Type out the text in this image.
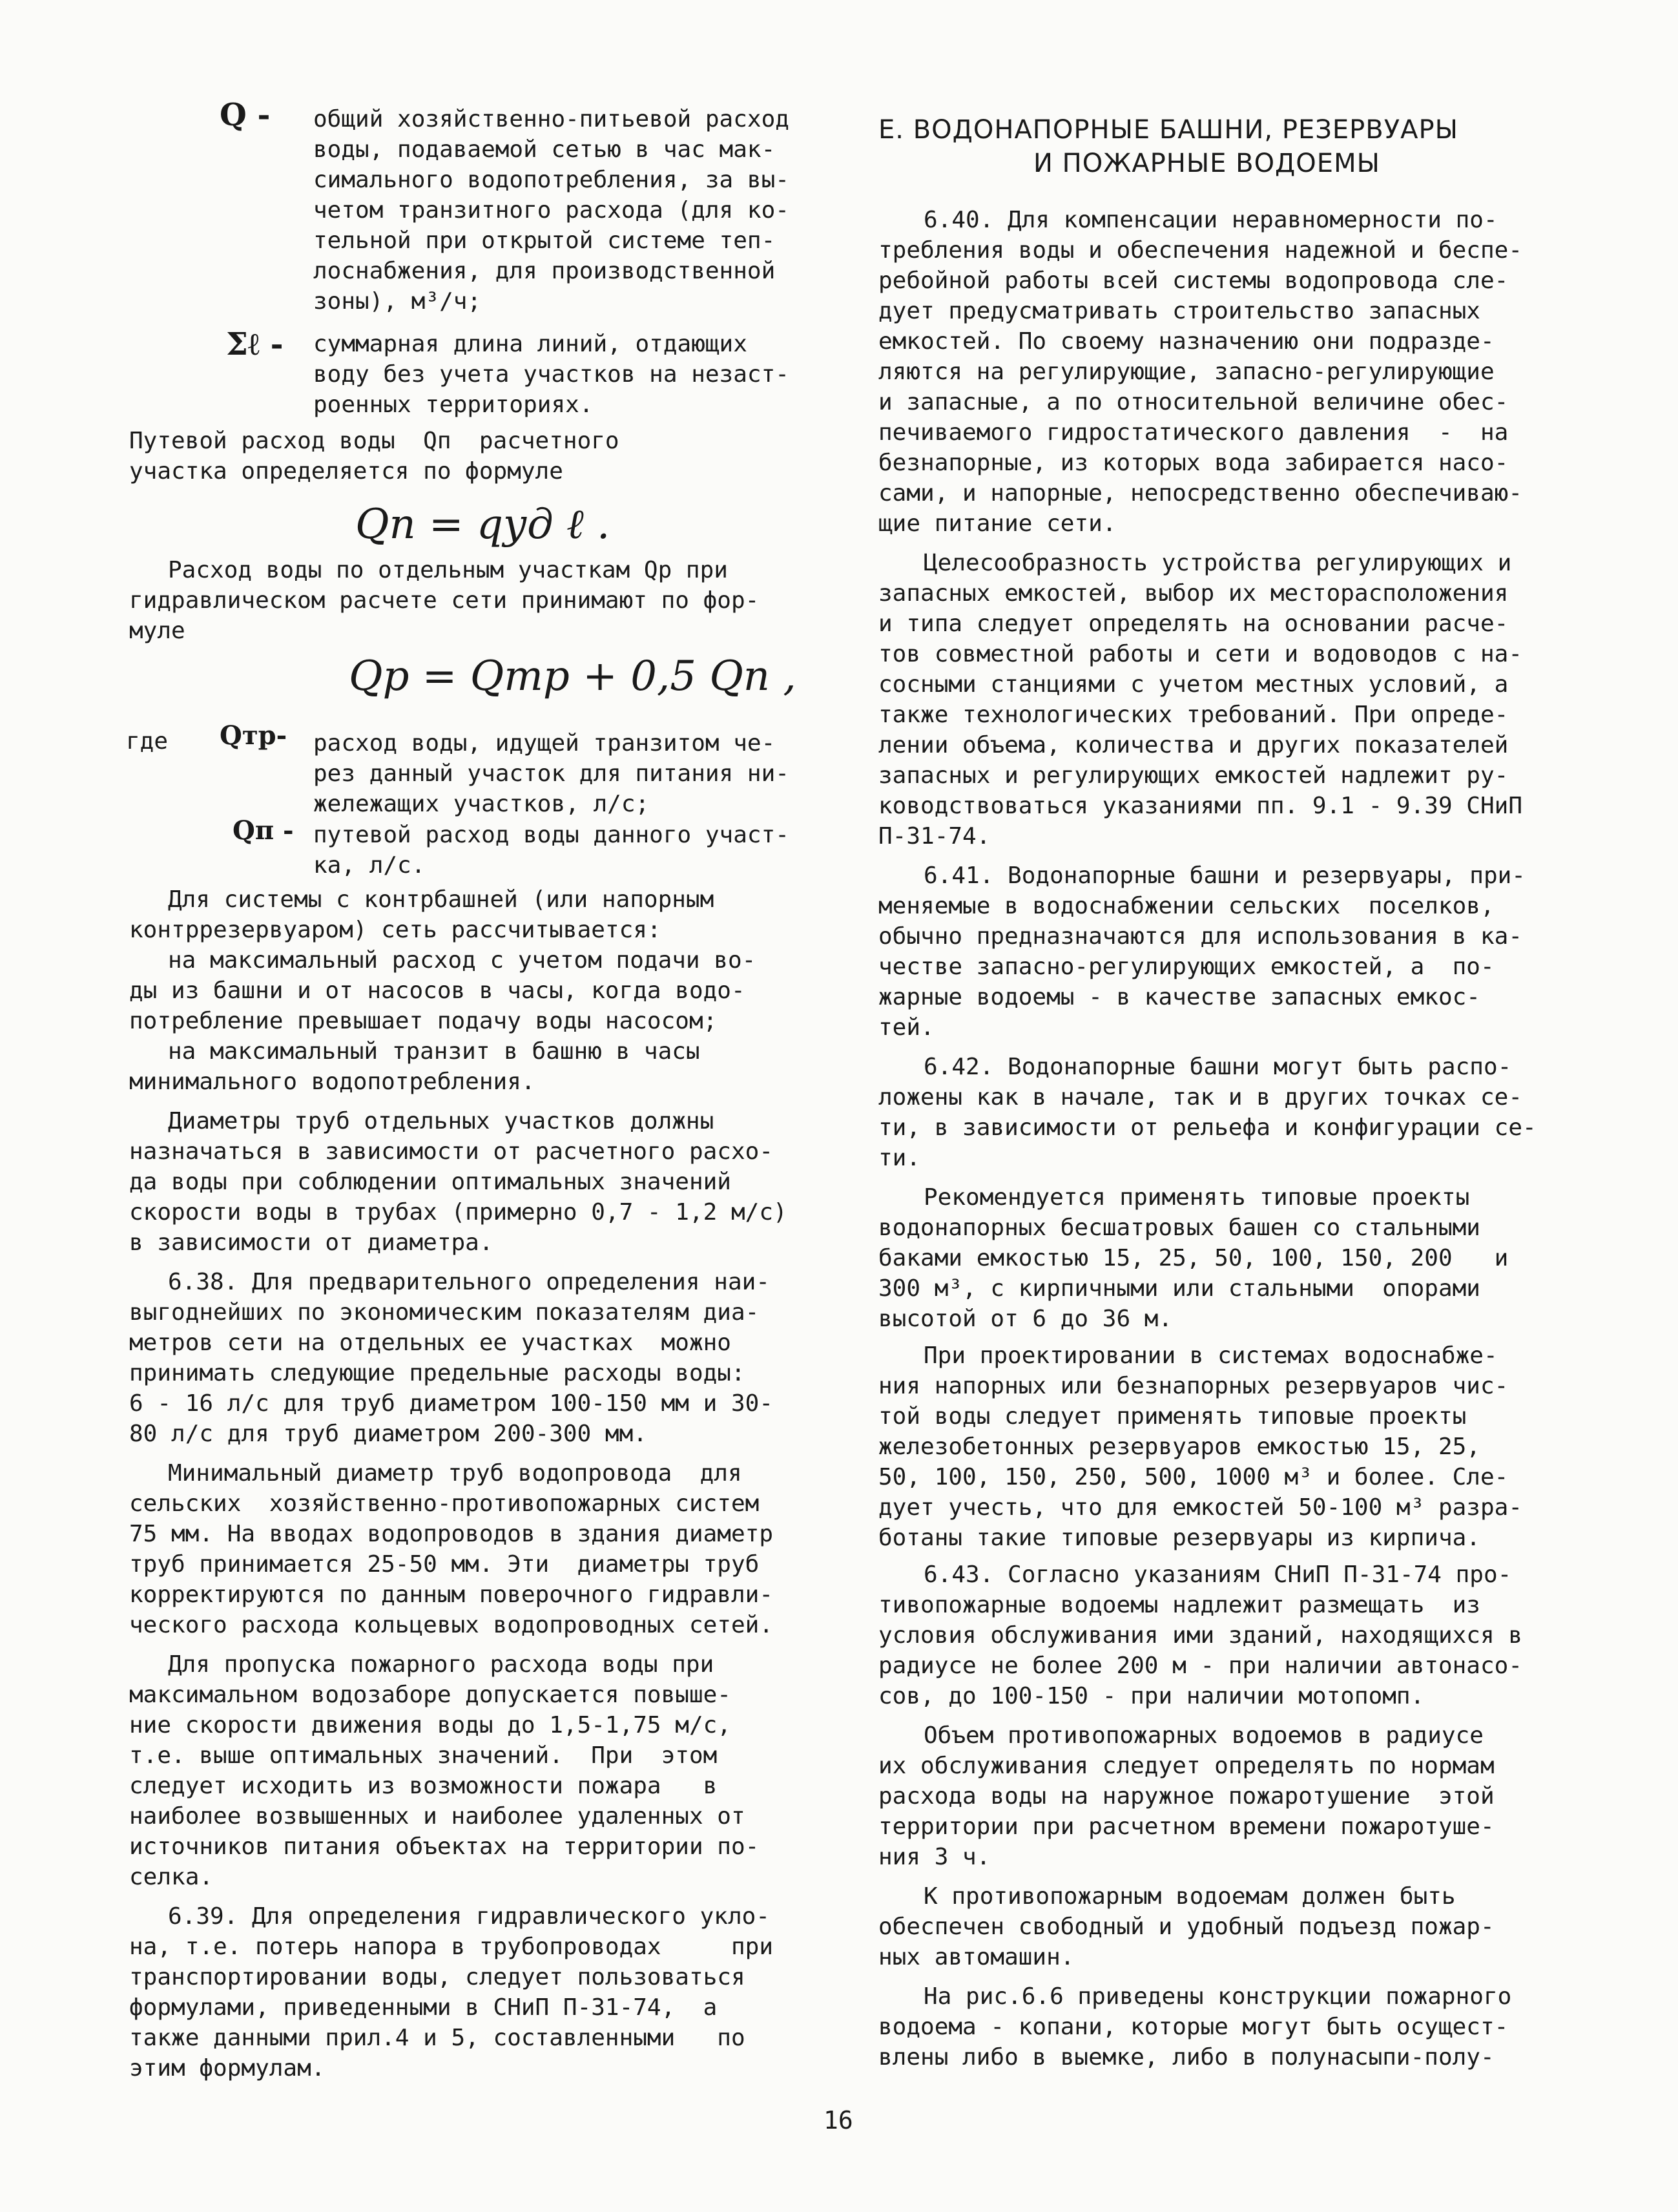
Q - общий хозяйственно-питьевой расход
воды, подаваемой сетью в час мак-
симального водопотребления, за вы-
четом транзитного расхода (для ко-
тельной при открытой системе теп-
лоснабжения, для производственной
зоны), м³/ч;
Σℓ - суммарная длина линий, отдающих
воду без учета участков на незаст-
роенных территориях.
Путевой расход воды  Qп  расчетного
участка определяется по формуле
Qп = qуд ℓ .
Расход воды по отдельным участкам Qр при
гидравлическом расчете сети принимают по фор-
муле
Qр = Qтр + 0,5 Qп ,
где Qтр- расход воды, идущей транзитом че-
рез данный участок для питания ни-
жележащих участков, л/с;
Qп - путевой расход воды данного участ-
ка, л/с.
Для системы с контрбашней (или напорным
контррезервуаром) сеть рассчитывается:
на максимальный расход с учетом подачи во-
ды из башни и от насосов в часы, когда водо-
потребление превышает подачу воды насосом;
на максимальный транзит в башню в часы
минимального водопотребления.
Диаметры труб отдельных участков должны
назначаться в зависимости от расчетного расхо-
да воды при соблюдении оптимальных значений
скорости воды в трубах (примерно 0,7 - 1,2 м/с)
в зависимости от диаметра.
6.38. Для предварительного определения наи-
выгоднейших по экономическим показателям диа-
метров сети на отдельных ее участках  можно
принимать следующие предельные расходы воды:
6 - 16 л/с для труб диаметром 100-150 мм и 30-
80 л/с для труб диаметром 200-300 мм.
Минимальный диаметр труб водопровода  для
сельских  хозяйственно-противопожарных систем
75 мм. На вводах водопроводов в здания диаметр
труб принимается 25-50 мм. Эти  диаметры труб
корректируются по данным поверочного гидравли-
ческого расхода кольцевых водопроводных сетей.
Для пропуска пожарного расхода воды при
максимальном водозаборе допускается повыше-
ние скорости движения воды до 1,5-1,75 м/с,
т.е. выше оптимальных значений.  При  этом
следует исходить из возможности пожара   в
наиболее возвышенных и наиболее удаленных от
источников питания объектах на территории по-
селка.
6.39. Для определения гидравлического укло-
на, т.е. потерь напора в трубопроводах     при
транспортировании воды, следует пользоваться
формулами, приведенными в СНиП П-31-74,  а
также данными прил.4 и 5, составленными   по
этим формулам.
Е. ВОДОНАПОРНЫЕ БАШНИ, РЕЗЕРВУАРЫ
И ПОЖАРНЫЕ ВОДОЕМЫ
6.40. Для компенсации неравномерности по-
требления воды и обеспечения надежной и беспе-
ребойной работы всей системы водопровода сле-
дует предусматривать строительство запасных
емкостей. По своему назначению они подразде-
ляются на регулирующие, запасно-регулирующие
и запасные, а по относительной величине обес-
печиваемого гидростатического давления  -  на
безнапорные, из которых вода забирается насо-
сами, и напорные, непосредственно обеспечиваю-
щие питание сети.
Целесообразность устройства регулирующих и
запасных емкостей, выбор их месторасположения
и типа следует определять на основании расче-
тов совместной работы и сети и водоводов с на-
сосными станциями с учетом местных условий, а
также технологических требований. При опреде-
лении объема, количества и других показателей
запасных и регулирующих емкостей надлежит ру-
ководствоваться указаниями пп. 9.1 - 9.39 СНиП
П-31-74.
6.41. Водонапорные башни и резервуары, при-
меняемые в водоснабжении сельских  поселков,
обычно предназначаются для использования в ка-
честве запасно-регулирующих емкостей, а  по-
жарные водоемы - в качестве запасных емкос-
тей.
6.42. Водонапорные башни могут быть распо-
ложены как в начале, так и в других точках се-
ти, в зависимости от рельефа и конфигурации се-
ти.
Рекомендуется применять типовые проекты
водонапорных бесшатровых башен со стальными
баками емкостью 15, 25, 50, 100, 150, 200   и
300 м³, с кирпичными или стальными  опорами
высотой от 6 до 36 м.
При проектировании в системах водоснабже-
ния напорных или безнапорных резервуаров чис-
той воды следует применять типовые проекты
железобетонных резервуаров емкостью 15, 25,
50, 100, 150, 250, 500, 1000 м³ и более. Сле-
дует учесть, что для емкостей 50-100 м³ разра-
ботаны такие типовые резервуары из кирпича.
6.43. Согласно указаниям СНиП П-31-74 про-
тивопожарные водоемы надлежит размещать  из
условия обслуживания ими зданий, находящихся в
радиусе не более 200 м - при наличии автонасо-
сов, до 100-150 - при наличии мотопомп.
Объем противопожарных водоемов в радиусе
их обслуживания следует определять по нормам
расхода воды на наружное пожаротушение  этой
территории при расчетном времени пожаротуше-
ния 3 ч.
К противопожарным водоемам должен быть
обеспечен свободный и удобный подъезд пожар-
ных автомашин.
На рис.6.6 приведены конструкции пожарного
водоема - копани, которые могут быть осущест-
влены либо в выемке, либо в полунасыпи-полу-
16
